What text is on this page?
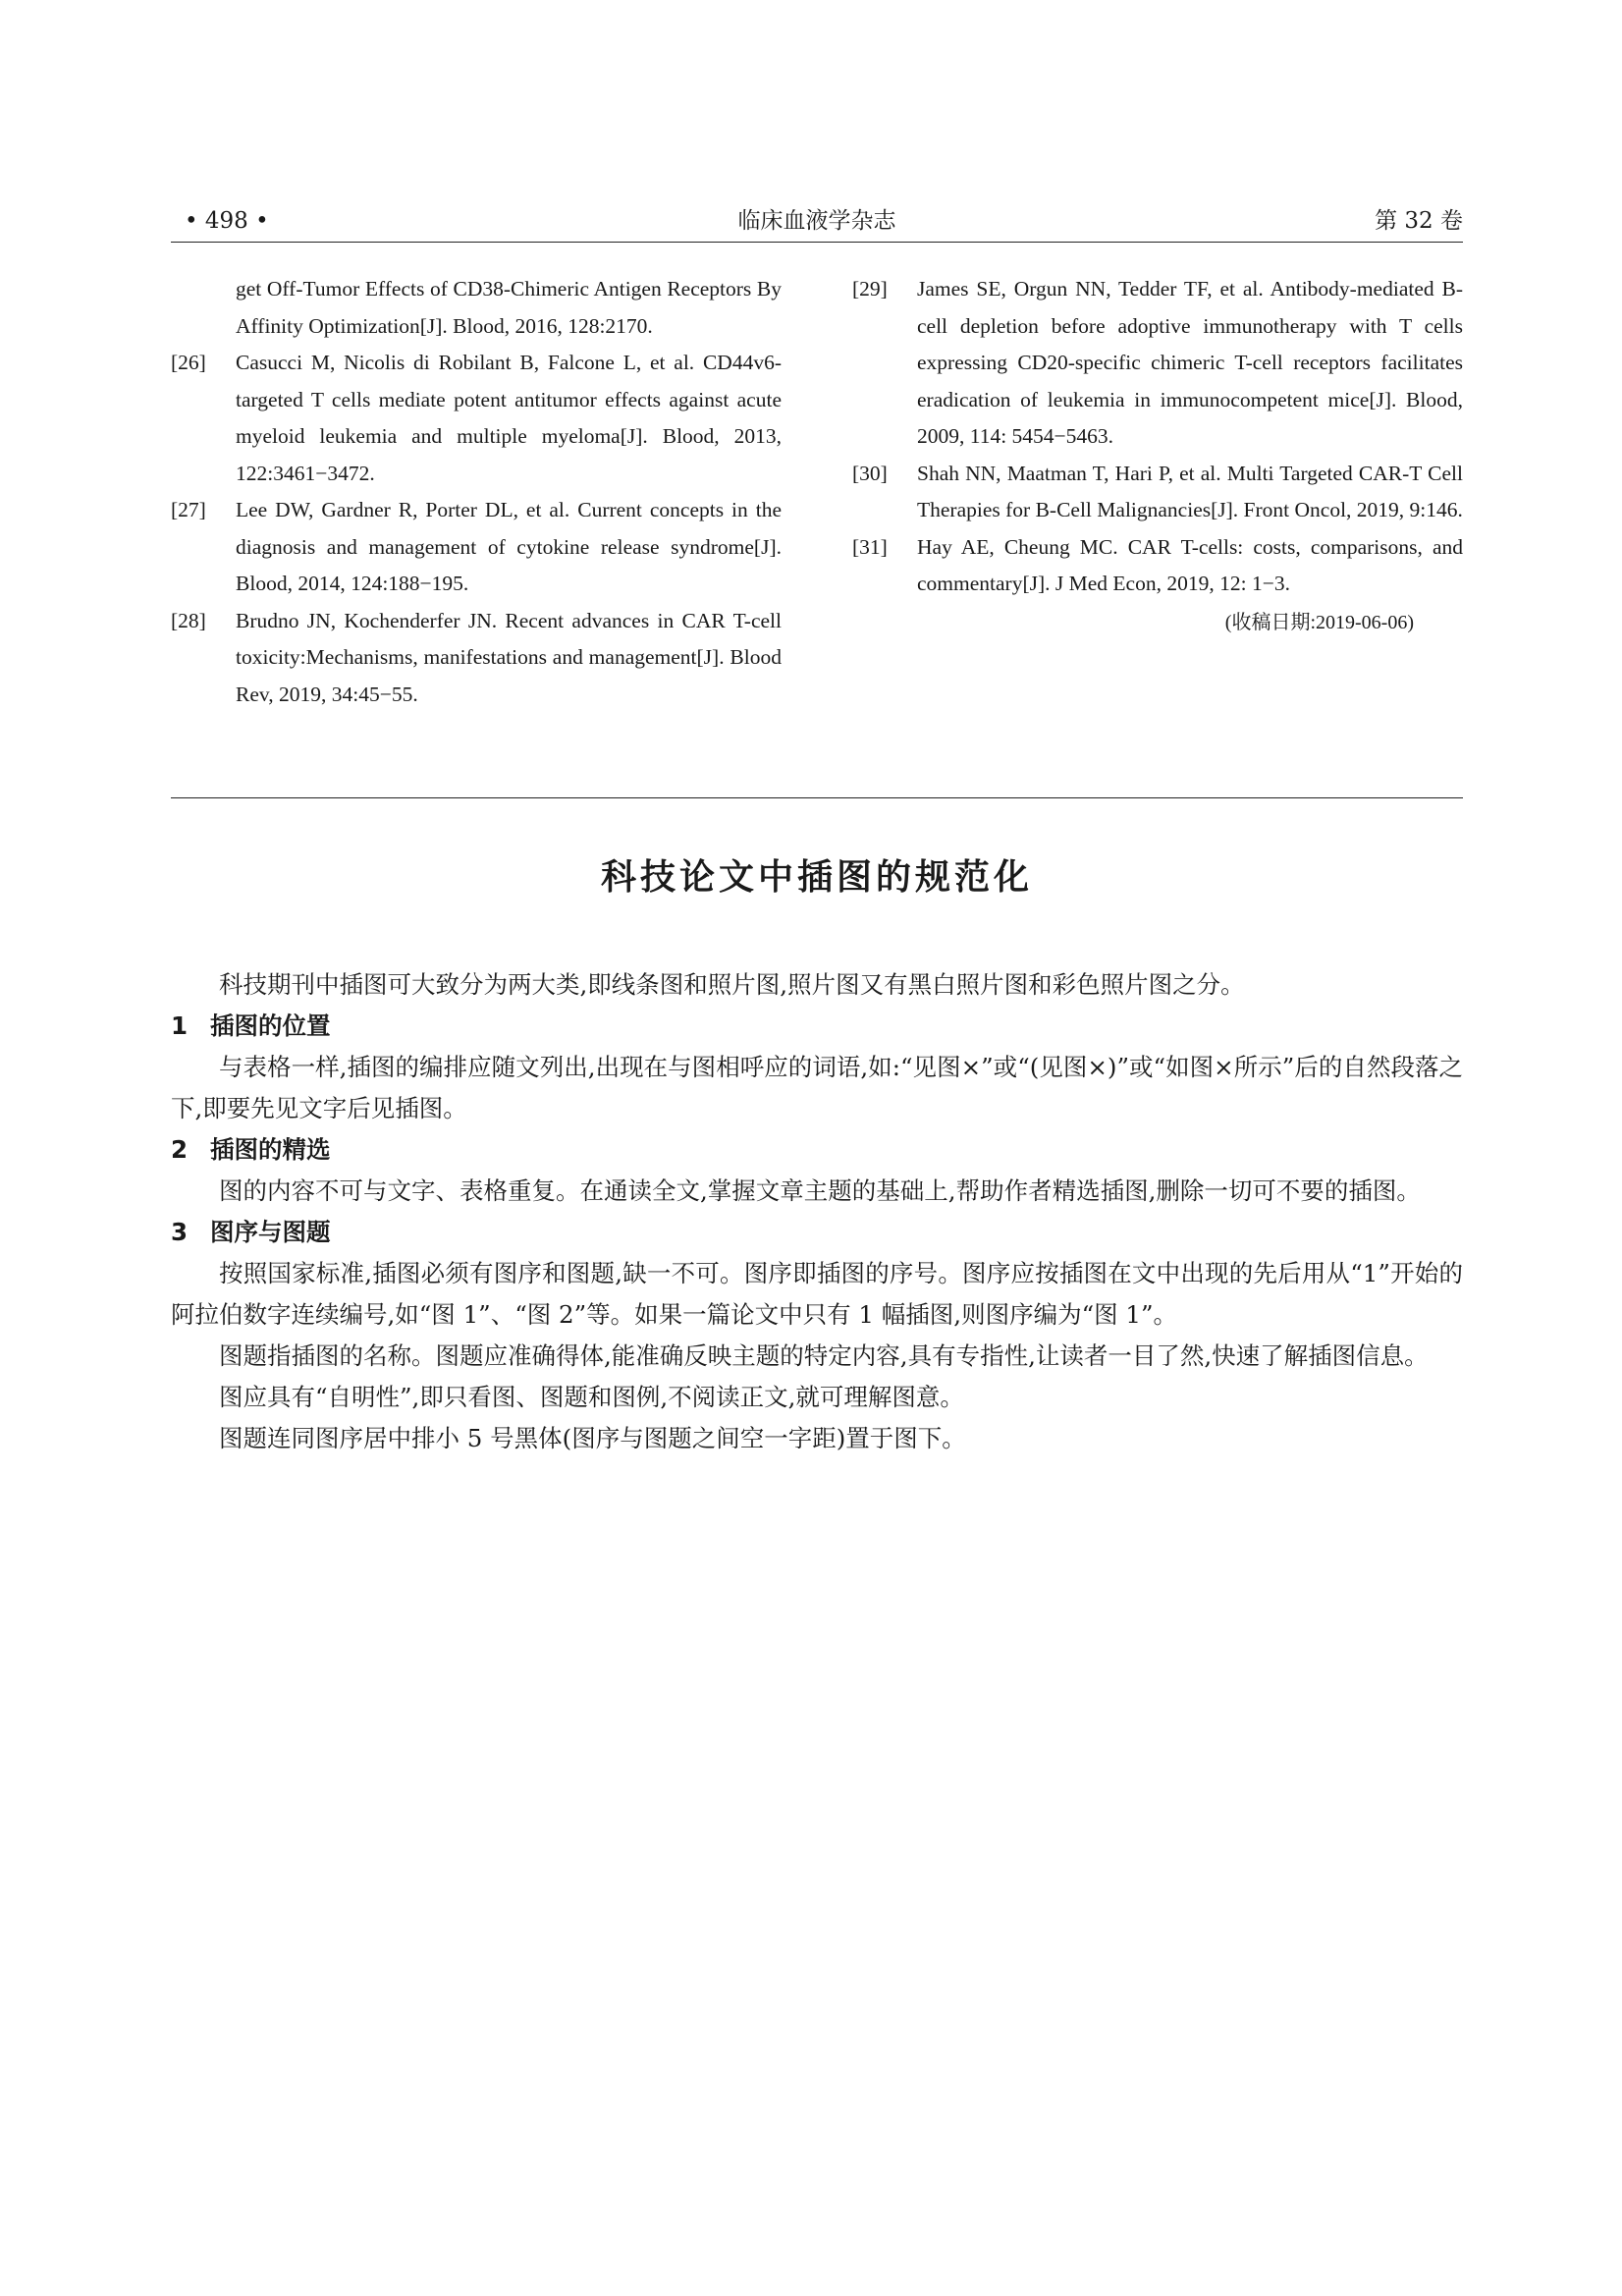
• 498 •	临床血液学杂志	第 32 卷
get Off-Tumor Effects of CD38-Chimeric Antigen Receptors By Affinity Optimization[J]. Blood, 2016, 128:2170.
[26] Casucci M, Nicolis di Robilant B, Falcone L, et al. CD44v6-targeted T cells mediate potent antitumor effects against acute myeloid leukemia and multiple myeloma[J]. Blood, 2013, 122:3461−3472.
[27] Lee DW, Gardner R, Porter DL, et al. Current concepts in the diagnosis and management of cytokine release syndrome[J]. Blood, 2014, 124:188−195.
[28] Brudno JN, Kochenderfer JN. Recent advances in CAR T-cell toxicity:Mechanisms, manifestations and management[J]. Blood Rev, 2019, 34:45−55.
[29] James SE, Orgun NN, Tedder TF, et al. Antibody-mediated B-cell depletion before adoptive immunotherapy with T cells expressing CD20-specific chimeric T-cell receptors facilitates eradication of leukemia in immunocompetent mice[J]. Blood, 2009, 114: 5454−5463.
[30] Shah NN, Maatman T, Hari P, et al. Multi Targeted CAR-T Cell Therapies for B-Cell Malignancies[J]. Front Oncol, 2019, 9:146.
[31] Hay AE, Cheung MC. CAR T-cells: costs, comparisons, and commentary[J]. J Med Econ, 2019, 12: 1−3.
(收稿日期:2019-06-06)
科技论文中插图的规范化

科技期刊中插图可大致分为两大类,即线条图和照片图,照片图又有黑白照片图和彩色照片图之分。

1 插图的位置

与表格一样,插图的编排应随文列出,出现在与图相呼应的词语,如:“见图×”或“(见图×)”或“如图×所示”后的自然段落之下,即要先见文字后见插图。

2 插图的精选

图的内容不可与文字、表格重复。在通读全文,掌握文章主题的基础上,帮助作者精选插图,删除一切可不要的插图。

3 图序与图题

按照国家标准,插图必须有图序和图题,缺一不可。图序即插图的序号。图序应按插图在文中出现的先后用从“1”开始的阿拉伯数字连续编号,如“图 1”、“图 2”等。如果一篇论文中只有 1 幅插图,则图序编为“图 1”。

图题指插图的名称。图题应准确得体,能准确反映主题的特定内容,具有专指性,让读者一目了然,快速了解插图信息。

图应具有“自明性”,即只看图、图题和图例,不阅读正文,就可理解图意。

图题连同图序居中排小 5 号黑体(图序与图题之间空一字距)置于图下。
